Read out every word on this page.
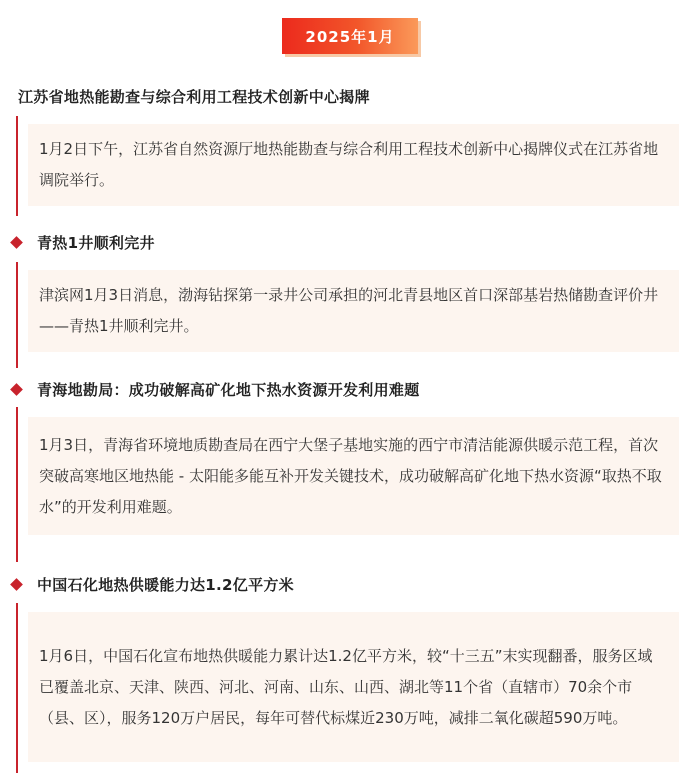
2025年1月
江苏省地热能勘查与综合利用工程技术创新中心揭牌

1月2日下午，江苏省自然资源厅地热能勘查与综合利用工程技术创新中心揭牌仪式在江苏省地调院举行。

青热1井顺利完井

津滨网1月3日消息，渤海钻探第一录井公司承担的河北青县地区首口深部基岩热储勘查评价井——青热1井顺利完井。

青海地勘局：成功破解高矿化地下热水资源开发利用难题

1月3日，青海省环境地质勘查局在西宁大堡子基地实施的西宁市清洁能源供暖示范工程，首次突破高寒地区地热能 - 太阳能多能互补开发关键技术，成功破解高矿化地下热水资源“取热不取水”的开发利用难题。

中国石化地热供暖能力达1.2亿平方米

1月6日，中国石化宣布地热供暖能力累计达1.2亿平方米，较“十三五”末实现翻番，服务区域已覆盖北京、天津、陕西、河北、河南、山东、山西、湖北等11个省（直辖市）70余个市（县、区），服务120万户居民，每年可替代标煤近230万吨，减排二氧化碳超590万吨。
